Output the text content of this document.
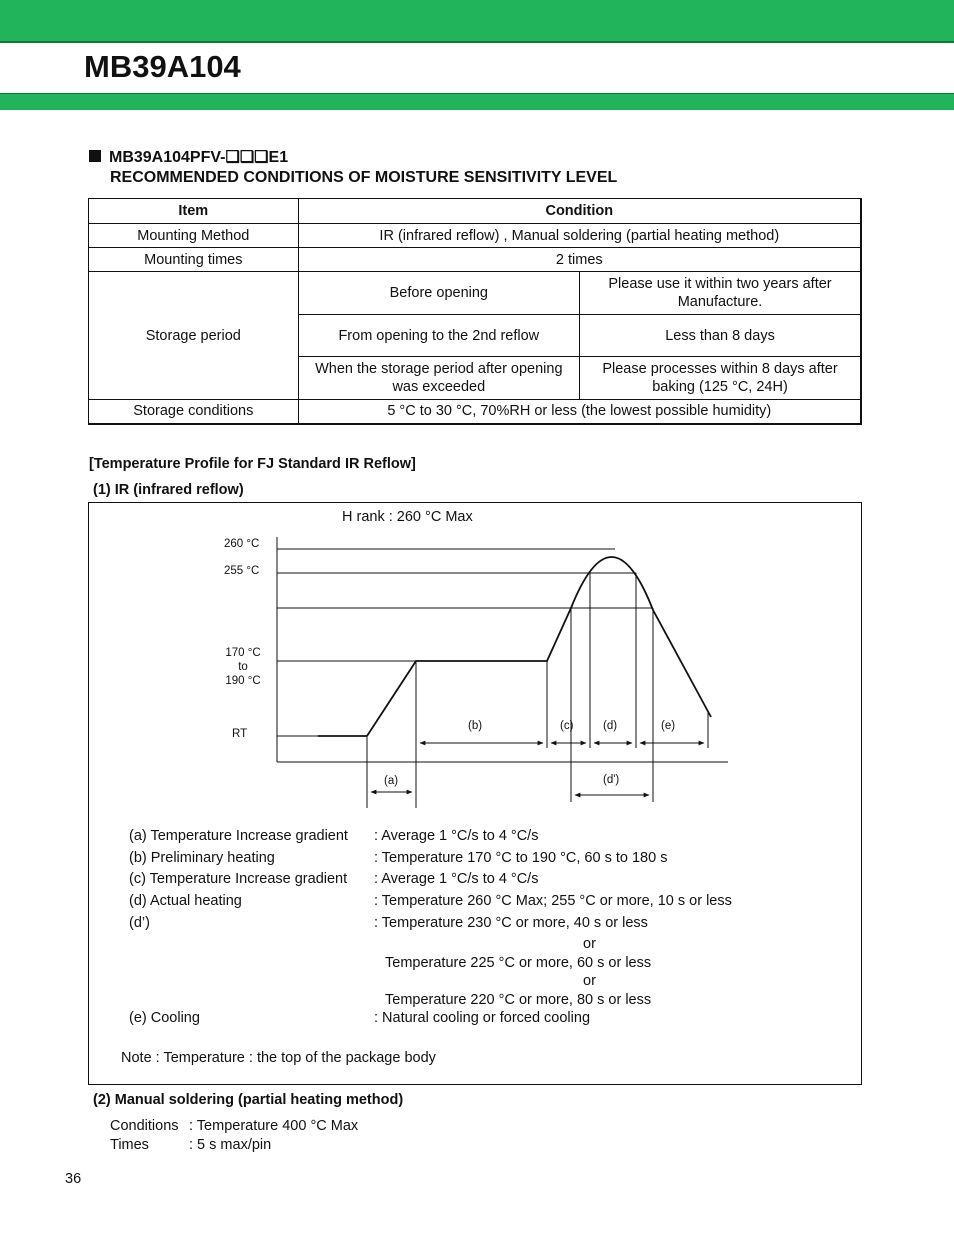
MB39A104
MB39A104PFV-❑❑❑E1
RECOMMENDED CONDITIONS OF MOISTURE SENSITIVITY LEVEL
Item	Condition	
Mounting Method	IR (infrared reflow) , Manual soldering (partial heating method)	
Mounting times	2 times	
Storage period	Before opening	Please use it within two years after Manufacture.
	From opening to the 2nd reflow	Less than 8 days
	When the storage period after opening was exceeded	Please processes within 8 days after baking (125 °C, 24H)
Storage conditions	5 °C to 30 °C, 70%RH or less (the lowest possible humidity)	
[Temperature Profile for FJ Standard IR Reflow]
(1) IR (infrared reflow)
H rank : 260 °C Max
260 °C
255 °C
170 °C
to
190 °C
RT
(b)	(c)	(d)	(e)
(a)	(d')
(a) Temperature Increase gradient : Average 1 °C/s to 4 °C/s
(b) Preliminary heating	: Temperature 170 °C to 190 °C, 60 s to 180 s
(c) Temperature Increase gradient : Average 1 °C/s to 4 °C/s
(d) Actual heating	: Temperature 260 °C Max; 255 °C or more, 10 s or less
(d’)	: Temperature 230 °C or more, 40 s or less
or
Temperature 225 °C or more, 60 s or less
or
Temperature 220 °C or more, 80 s or less
(e) Cooling	: Natural cooling or forced cooling
Note : Temperature : the top of the package body
(2) Manual soldering (partial heating method)
Conditions : Temperature 400 °C Max
Times	: 5 s max/pin
36
